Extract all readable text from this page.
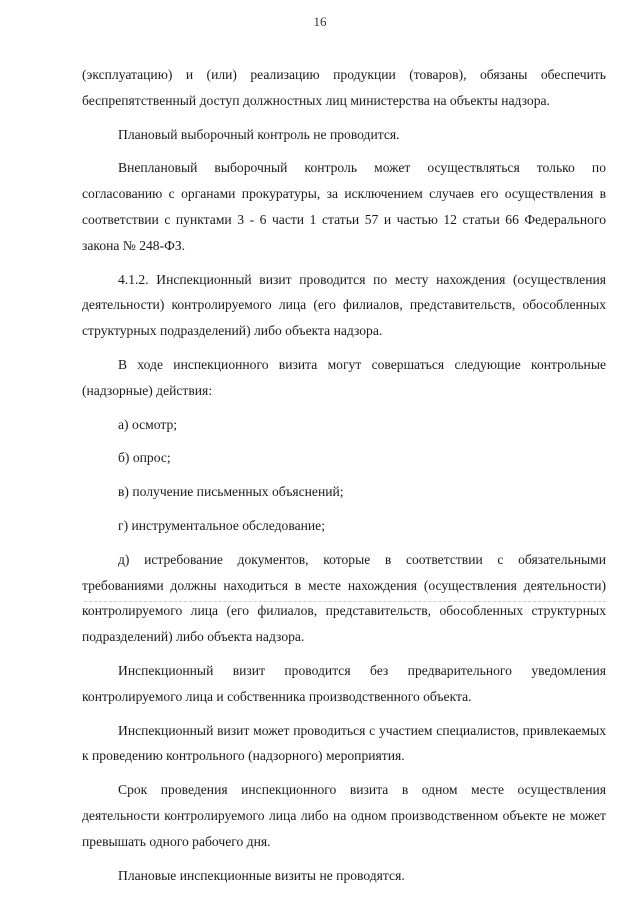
16

(эксплуатацию) и (или) реализацию продукции (товаров), обязаны обеспечить беспрепятственный доступ должностных лиц министерства на объекты надзора.

Плановый выборочный контроль не проводится.

Внеплановый выборочный контроль может осуществляться только по согласованию с органами прокуратуры, за исключением случаев его осуществления в соответствии с пунктами 3 - 6 части 1 статьи 57 и частью 12 статьи 66 Федерального закона № 248-ФЗ.

4.1.2. Инспекционный визит проводится по месту нахождения (осуществления деятельности) контролируемого лица (его филиалов, представительств, обособленных структурных подразделений) либо объекта надзора.

В ходе инспекционного визита могут совершаться следующие контрольные (надзорные) действия:

а) осмотр;

б) опрос;

в) получение письменных объяснений;

г) инструментальное обследование;

д) истребование документов, которые в соответствии с обязательными требованиями должны находиться в месте нахождения (осуществления деятельности) контролируемого лица (его филиалов, представительств, обособленных структурных подразделений) либо объекта надзора.

Инспекционный визит проводится без предварительного уведомления контролируемого лица и собственника производственного объекта.

Инспекционный визит может проводиться с участием специалистов, привлекаемых к проведению контрольного (надзорного) мероприятия.

Срок проведения инспекционного визита в одном месте осуществления деятельности контролируемого лица либо на одном производственном объекте не может превышать одного рабочего дня.

Плановые инспекционные визиты не проводятся.
